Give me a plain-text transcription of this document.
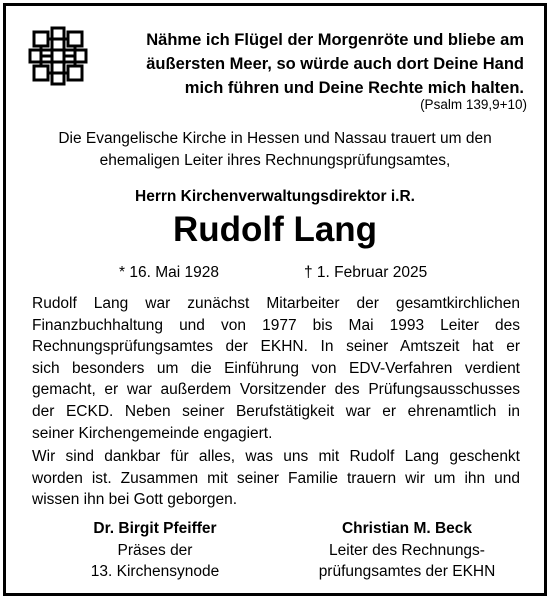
Nähme ich Flügel der Morgenröte und bliebe am
äußersten Meer, so würde auch dort Deine Hand
mich führen und Deine Rechte mich halten.
(Psalm 139,9+10)
Die Evangelische Kirche in Hessen und Nassau trauert um den
ehemaligen Leiter ihres Rechnungsprüfungsamtes,
Herrn Kirchenverwaltungsdirektor i.R.
Rudolf Lang
* 16. Mai 1928	† 1. Februar 2025
Rudolf Lang war zunächst Mitarbeiter der gesamtkirchlichen
Finanzbuchhaltung und von 1977 bis Mai 1993 Leiter des
Rechnungsprüfungsamtes der EKHN. In seiner Amtszeit hat er
sich besonders um die Einführung von EDV-Verfahren verdient
gemacht, er war außerdem Vorsitzender des Prüfungsausschusses
der ECKD. Neben seiner Berufstätigkeit war er ehrenamtlich in
seiner Kirchengemeinde engagiert.
Wir sind dankbar für alles, was uns mit Rudolf Lang geschenkt
worden ist. Zusammen mit seiner Familie trauern wir um ihn und
wissen ihn bei Gott geborgen.
Dr. Birgit Pfeiffer
Präses der
13. Kirchensynode
Christian M. Beck
Leiter des Rechnungs-
prüfungsamtes der EKHN
